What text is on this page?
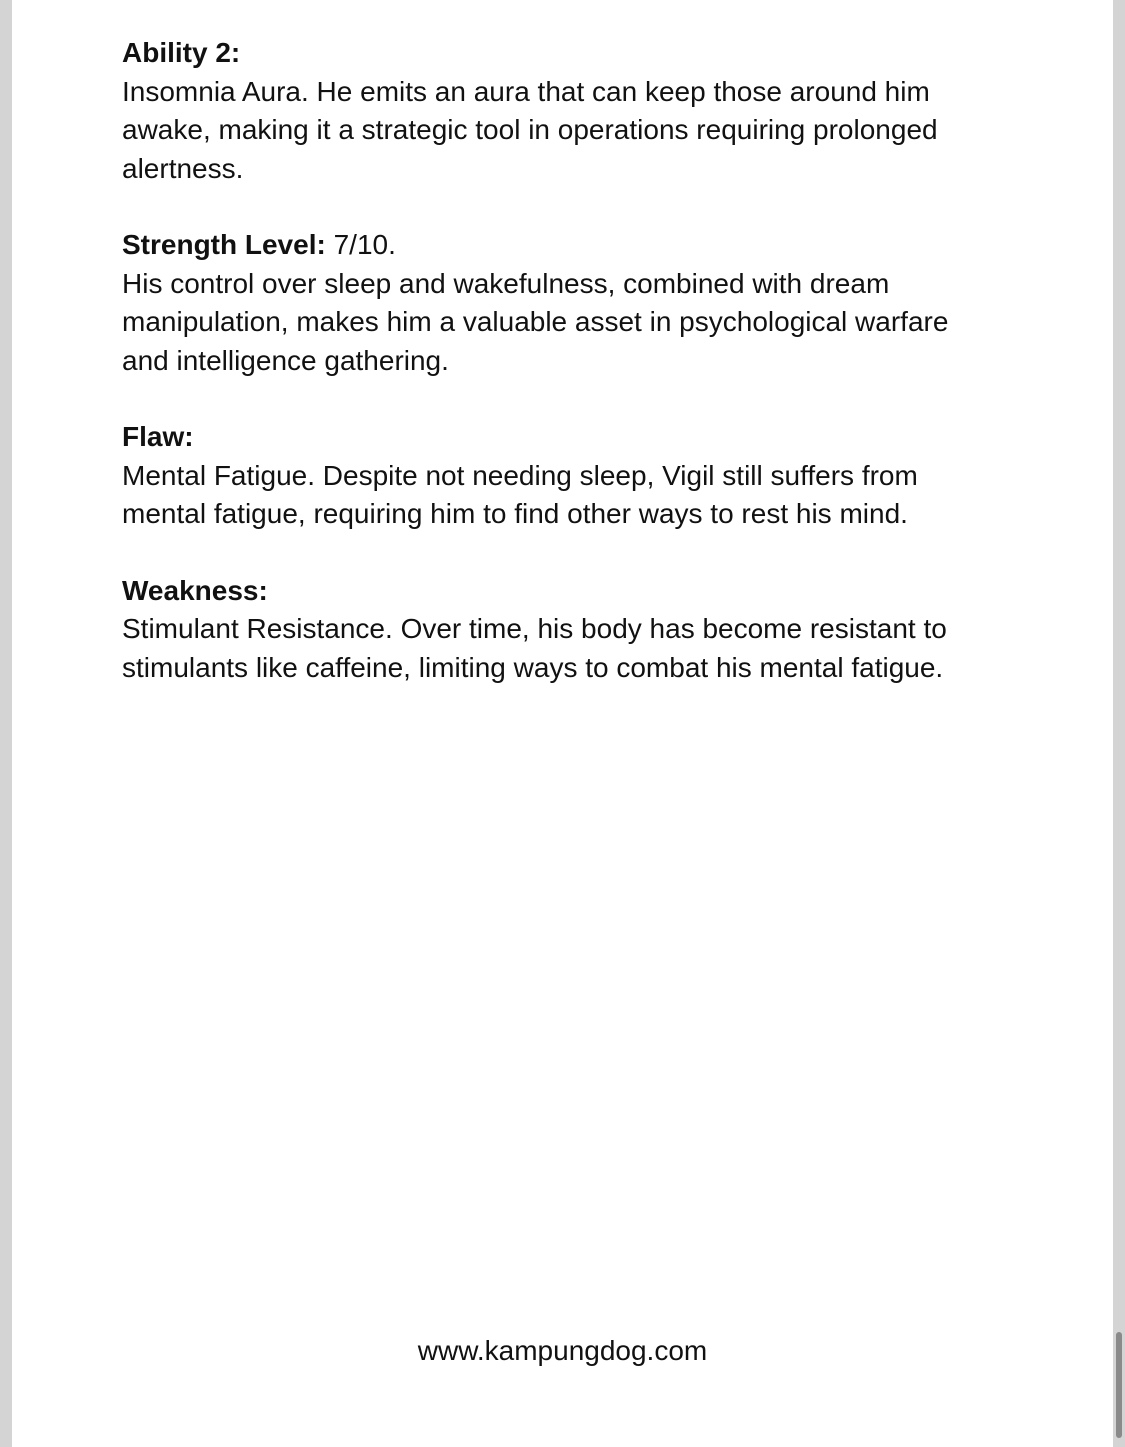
Ability 2:
Insomnia Aura. He emits an aura that can keep those around him awake, making it a strategic tool in operations requiring prolonged alertness.
Strength Level: 7/10.
His control over sleep and wakefulness, combined with dream manipulation, makes him a valuable asset in psychological warfare and intelligence gathering.
Flaw:
Mental Fatigue. Despite not needing sleep, Vigil still suffers from mental fatigue, requiring him to find other ways to rest his mind.
Weakness:
Stimulant Resistance. Over time, his body has become resistant to stimulants like caffeine, limiting ways to combat his mental fatigue.
www.kampungdog.com
